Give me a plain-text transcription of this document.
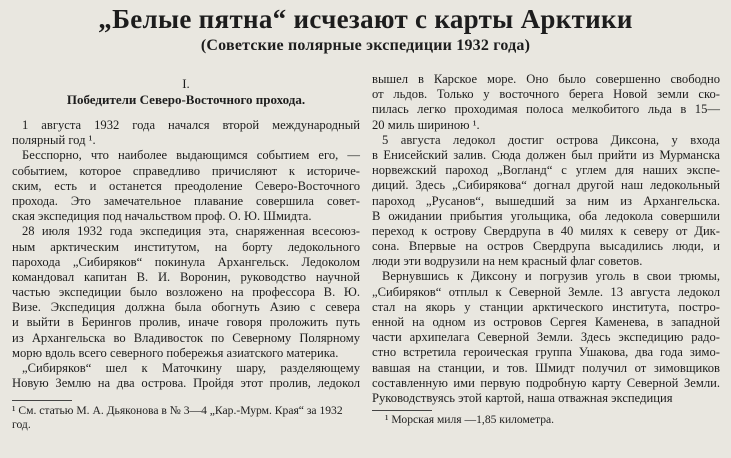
„Белые пятна“ исчезают с карты Арктики
(Советские полярные экспедиции 1932 года)
I.
Победители Северо-Восточного прохода.
1 августа 1932 года начался второй международный
полярный год ¹.
Бесспорно, что наиболее выдающимся событием его, —
событием, которое справедливо причисляют к историче-
ским, есть и останется преодоление Северо-Восточного
прохода. Это замечательное плавание совершила совет-
ская экспедиция под начальством проф. О. Ю. Шмидта.
28 июля 1932 года экспедиция эта, снаряженная всесоюз-
ным арктическим институтом, на борту ледокольного
парохода „Сибиряков“ покинула Архангельск. Ледоколом
командовал капитан В. И. Воронин, руководство научной
частью экспедиции было возложено на профессора В. Ю.
Визе. Экспедиция должна была обогнуть Азию с севера
и выйти в Берингов пролив, иначе говоря проложить путь
из Архангельска во Владивосток по Северному Полярному
морю вдоль всего северного побережья азиатского материка.
„Сибиряков“ шел к Маточкину шару, разделяющему
Новую Землю на два острова. Пройдя этот пролив, ледокол
вышел в Карское море. Оно было совершенно свободно
от льдов. Только у восточного берега Новой земли ско-
пилась легко проходимая полоса мелкобитого льда в 15—
20 миль шириною ¹.
5 августа ледокол достиг острова Диксона, у входа
в Енисейский залив. Сюда должен был прийти из Мурманска
норвежский пароход „Вогланд“ с углем для наших экспе-
диций. Здесь „Сибирякова“ догнал другой наш ледокольный
пароход „Русанов“, вышедший за ним из Архангельска.
В ожидании прибытия угольщика, оба ледокола совершили
переход к острову Свердрупа в 40 милях к северу от Дик-
сона. Впервые на остров Свердрупа высадились люди, и
люди эти водрузили на нем красный флаг советов.
Вернувшись к Диксону и погрузив уголь в свои трюмы,
„Сибиряков“ отплыл к Северной Земле. 13 августа ледокол
стал на якорь у станции арктического института, постро-
енной на одном из островов Сергея Каменева, в западной
части архипелага Северной Земли. Здесь экспедицию радо-
стно встретила героическая группа Ушакова, два года зимо-
вавшая на станции, и тов. Шмидт получил от зимовщиков
составленную ими первую подробную карту Северной Земли.
Руководствуясь этой картой, наша отважная экспедиция
¹ См. статью М. А. Дьяконова в № 3—4 „Кар.-Мурм. Края“ за 1932 год.	¹ Морская миля —1,85 километра.
